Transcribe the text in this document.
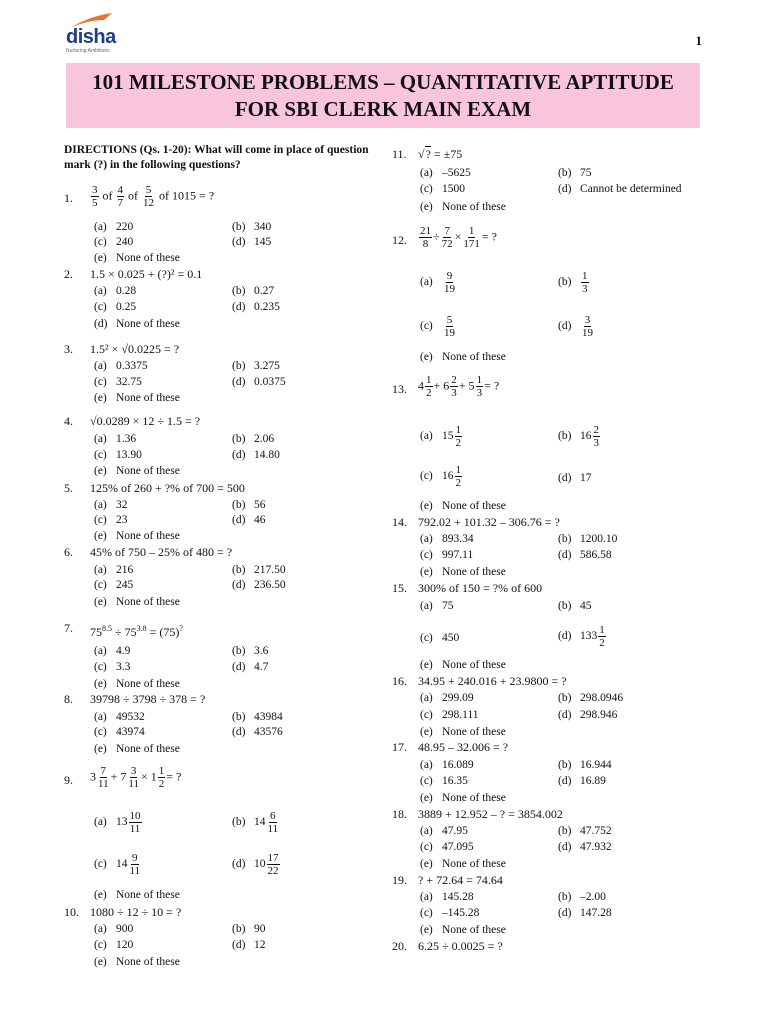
disha
Nurturing Ambitions
1
101 MILESTONE PROBLEMS – QUANTITATIVE APTITUDE
FOR SBI CLERK MAIN EXAM
DIRECTIONS (Qs. 1-20): What will come in place of question mark (?) in the following questions?
1.	$\frac{3}{5}$ of $\frac{4}{7}$ of $\frac{5}{12}$ of 1015 = ?
(a) 220	(b) 340
(c) 240	(d) 145
(e) None of these
2.	1.5 × 0.025 + (?)² = 0.1
(a) 0.28	(b) 0.27
(c) 0.25	(d) 0.235
(d) None of these
3.	1.5² × √0.0225 = ?
(a) 0.3375	(b) 3.275
(c) 32.75	(d) 0.0375
(e) None of these
4.	√0.0289 × 12 ÷ 1.5 = ?
(a) 1.36	(b) 2.06
(c) 13.90	(d) 14.80
(e) None of these
5.	125% of 260 + ?% of 700 = 500
(a) 32	(b) 56
(c) 23	(d) 46
(e) None of these
6.	45% of 750 – 25% of 480 = ?
(a) 216	(b) 217.50
(c) 245	(d) 236.50
(e) None of these
7.	$75^{8.5} \div 75^{3.8} = (75)^?$
(a) 4.9	(b) 3.6
(c) 3.3	(d) 4.7
(e) None of these
8.	39798 ÷ 3798 ÷ 378 = ?
(a) 49532	(b) 43984
(c) 43974	(d) 43576
(e) None of these
9.	$3 \frac{7}{11} + 7 \frac{3}{11} \times 1 \frac{1}{2}$ = ?
(a) $13 \frac{10}{11}$	(b) $14 \frac{6}{11}$
(c) $14 \frac{9}{11}$	(d) $10 \frac{17}{22}$
(e) None of these
10. 1080 ÷ 12 ÷ 10 = ?
(a) 900	(b) 90
(c) 120	(d) 12
(e) None of these
11. √? = ±75
(a) –5625	(b) 75
(c) 1500	(d) Cannot be determined
(e) None of these
12.	$\frac{21}{8} \div \frac{7}{72} \times \frac{1}{171}$ = ?
$(a) \frac{9}{19}$	$(b) \frac{1}{3}$
$(c) \frac{5}{19}$	$(d) \frac{3}{19}$
(e) None of these
13. $4 \frac{1}{2} + 6 \frac{2}{3} + 5 \frac{1}{3}$ = ?
(a) $15 \frac{1}{2}$	(b) $16 \frac{2}{3}$
(c) $16 \frac{1}{2}$	(d) 17
(e) None of these
14. 792.02 + 101.32 – 306.76 = ?
(a) 893.34	(b) 1200.10
(c) 997.11	(d) 586.58
(e) None of these
15. 300% of 150 = ?% of 600
(a) 75	(b) 45
(c) 450	(d) $133 \frac{1}{2}$
(e) None of these
16. 34.95 + 240.016 + 23.9800 = ?
(a) 299.09	(b) 298.0946
(c) 298.111	(d) 298.946
(e) None of these
17. 48.95 – 32.006 = ?
(a) 16.089	(b) 16.944
(c) 16.35	(d) 16.89
(e) None of these
18. 3889 + 12.952 – ? = 3854.002
(a) 47.95	(b) 47.752
(c) 47.095	(d) 47.932
(e) None of these
19. ? + 72.64 = 74.64
(a) 145.28	(b) –2.00
(c) –145.28	(d) 147.28
(e) None of these
20. 6.25 ÷ 0.0025 = ?
